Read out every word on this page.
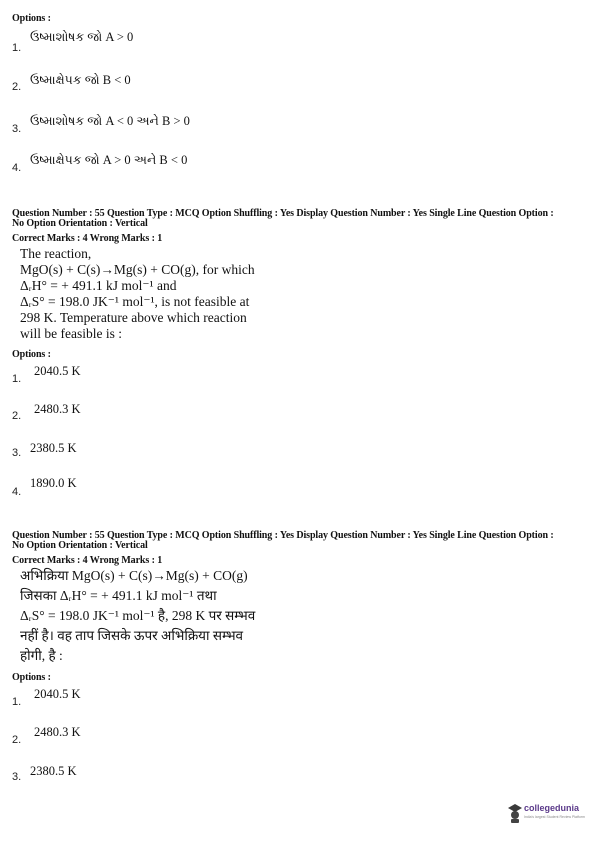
Options :
1.
ઉષ્માશોષક જો A > 0
2. ઉષ્માક્ષેપક જો B < 0
3.
ઉષ્માશોષક જો A < 0 અને B > 0
4.
ઉષ્માક્ષેપક જો A > 0 અને B < 0
Question Number : 55 Question Type : MCQ Option Shuffling : Yes Display Question Number : Yes Single Line Question Option :
No Option Orientation : Vertical
Correct Marks : 4 Wrong Marks : 1
The reaction,
MgO(s) + C(s)→Mg(s) + CO(g), for which
ΔᵣH° = + 491.1 kJ mol⁻¹ and
ΔᵣS° = 198.0 JK⁻¹ mol⁻¹, is not feasible at
298 K. Temperature above which reaction
will be feasible is :
Options :
1.
2040.5 K
2. 2480.3 K
3. 2380.5 K
4.
1890.0 K
Question Number : 55 Question Type : MCQ Option Shuffling : Yes Display Question Number : Yes Single Line Question Option :
No Option Orientation : Vertical
Correct Marks : 4 Wrong Marks : 1
अभिक्रिया MgO(s) + C(s)→Mg(s) + CO(g)
जिसका ΔᵣH° = + 491.1 kJ mol⁻¹ तथा
ΔᵣS° = 198.0 JK⁻¹ mol⁻¹ है, 298 K पर सम्भव
नहीं है। वह ताप जिसके ऊपर अभिक्रिया सम्भव
होगी, है :
Options :
1.
2040.5 K
2.
2480.3 K
3. 2380.5 K
collegedunia
India's largest Student Review Platform
